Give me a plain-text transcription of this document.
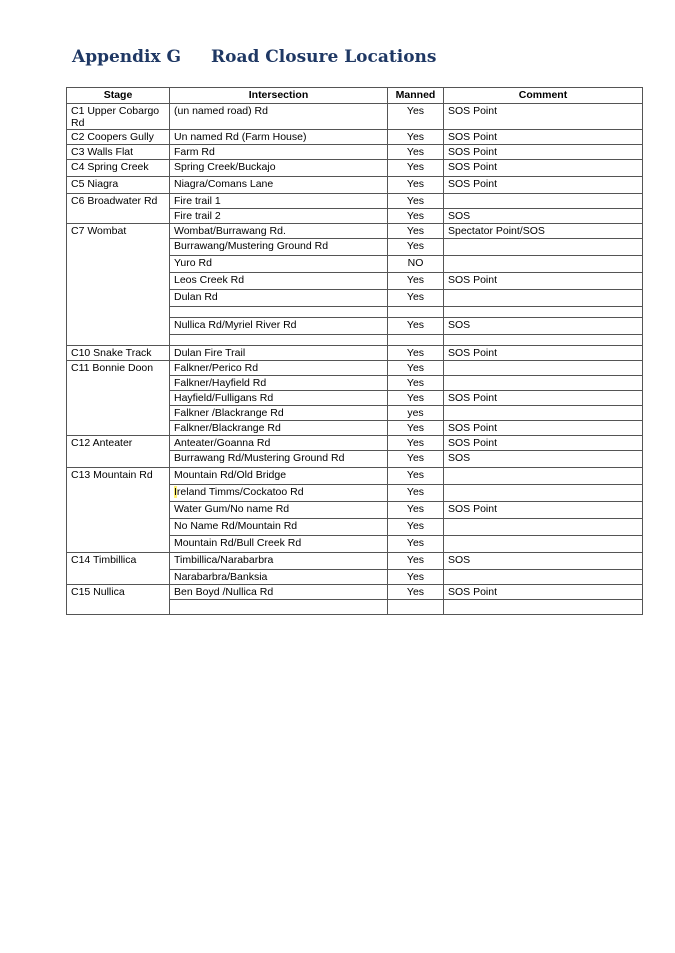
Appendix G Road Closure Locations
Stage	Intersection	Manned	Comment
C1 Upper Cobargo Rd	(un named road) Rd	Yes	SOS Point
C2 Coopers Gully	Un named Rd (Farm House)	Yes	SOS Point
C3 Walls Flat	Farm Rd	Yes	SOS Point
C4 Spring Creek	Spring Creek/Buckajo	Yes	SOS Point
C5 Niagra	Niagra/Comans Lane	Yes	SOS Point
C6 Broadwater Rd	Fire trail 1	Yes	
	Fire trail 2	Yes	SOS
C7 Wombat	Wombat/Burrawang Rd.	Yes	Spectator Point/SOS
	Burrawang/Mustering Ground Rd	Yes	
	Yuro Rd	NO	
	Leos Creek Rd	Yes	SOS Point
	Dulan Rd	Yes	

	Nullica Rd/Myriel River Rd	Yes	SOS

C10 Snake Track	Dulan Fire Trail	Yes	SOS Point
C11 Bonnie Doon	Falkner/Perico Rd	Yes	
	Falkner/Hayfield Rd	Yes	
	Hayfield/Fulligans Rd	Yes	SOS Point
	Falkner /Blackrange Rd	yes	
	Falkner/Blackrange Rd	Yes	SOS Point
C12 Anteater	Anteater/Goanna Rd	Yes	SOS Point
	Burrawang Rd/Mustering Ground Rd	Yes	SOS
C13 Mountain Rd	Mountain Rd/Old Bridge	Yes	
	Ireland Timms/Cockatoo Rd	Yes	
	Water Gum/No name Rd	Yes	SOS Point
	No Name Rd/Mountain Rd	Yes	
	Mountain Rd/Bull Creek Rd	Yes	
C14 Timbillica	Timbillica/Narabarbra	Yes	SOS
	Narabarbra/Banksia	Yes	
C15 Nullica	Ben Boyd /Nullica Rd	Yes	SOS Point
